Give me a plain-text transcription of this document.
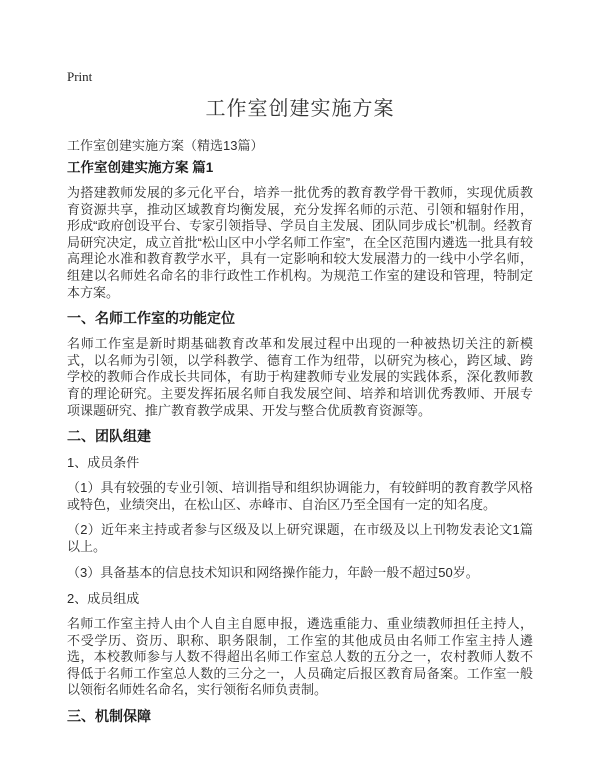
Print
工作室创建实施方案

工作室创建实施方案（精选13篇）

工作室创建实施方案 篇1

为搭建教师发展的多元化平台，培养一批优秀的教育教学骨干教师，实现优质教育资源共享，推动区域教育均衡发展，充分发挥名师的示范、引领和辐射作用，形成“政府创设平台、专家引领指导、学员自主发展、团队同步成长”机制。经教育局研究决定，成立首批“松山区中小学名师工作室”，在全区范围内遴选一批具有较高理论水准和教育教学水平，具有一定影响和较大发展潜力的一线中小学名师，组建以名师姓名命名的非行政性工作机构。为规范工作室的建设和管理，特制定本方案。

一、名师工作室的功能定位

名师工作室是新时期基础教育改革和发展过程中出现的一种被热切关注的新模式，以名师为引领，以学科教学、德育工作为纽带，以研究为核心，跨区域、跨学校的教师合作成长共同体，有助于构建教师专业发展的实践体系，深化教师教育的理论研究。主要发挥拓展名师自我发展空间、培养和培训优秀教师、开展专项课题研究、推广教育教学成果、开发与整合优质教育资源等。

二、团队组建

1、成员条件

（1）具有较强的专业引领、培训指导和组织协调能力，有较鲜明的教育教学风格或特色，业绩突出，在松山区、赤峰市、自治区乃至全国有一定的知名度。

（2）近年来主持或者参与区级及以上研究课题，在市级及以上刊物发表论文1篇以上。

（3）具备基本的信息技术知识和网络操作能力，年龄一般不超过50岁。

2、成员组成

名师工作室主持人由个人自主自愿申报，遴选重能力、重业绩教师担任主持人，不受学历、资历、职称、职务限制，工作室的其他成员由名师工作室主持人遴选，本校教师参与人数不得超出名师工作室总人数的五分之一，农村教师人数不得低于名师工作室总人数的三分之一，人员确定后报区教育局备案。工作室一般以领衔名师姓名命名，实行领衔名师负责制。

三、机制保障
